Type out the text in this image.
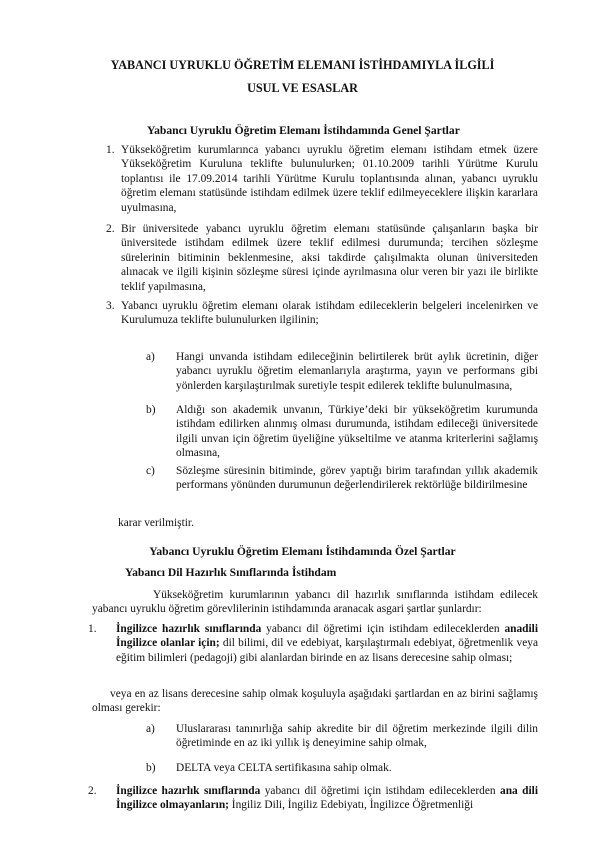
YABANCI UYRUKLU ÖĞRETİM ELEMANI İSTİHDAMIYLA İLGİLİ

USUL VE ESASLAR

Yabancı Uyruklu Öğretim Elemanı İstihdamında Genel Şartlar

1. Yükseköğretim kurumlarınca yabancı uyruklu öğretim elemanı istihdam etmek üzere Yükseköğretim Kuruluna teklifte bulunulurken; 01.10.2009 tarihli Yürütme Kurulu toplantısı ile 17.09.2014 tarihli Yürütme Kurulu toplantısında alınan, yabancı uyruklu öğretim elemanı statüsünde istihdam edilmek üzere teklif edilmeyeceklere ilişkin kararlara uyulmasına,

2. Bir üniversitede yabancı uyruklu öğretim elemanı statüsünde çalışanların başka bir üniversitede istihdam edilmek üzere teklif edilmesi durumunda; tercihen sözleşme sürelerinin bitiminin beklenmesine, aksi takdirde çalışılmakta olunan üniversiteden alınacak ve ilgili kişinin sözleşme süresi içinde ayrılmasına olur veren bir yazı ile birlikte teklif yapılmasına,

3. Yabancı uyruklu öğretim elemanı olarak istihdam edileceklerin belgeleri incelenirken ve Kurulumuza teklifte bulunulurken ilgilinin;

a) Hangi unvanda istihdam edileceğinin belirtilerek brüt aylık ücretinin, diğer yabancı uyruklu öğretim elemanlarıyla araştırma, yayın ve performans gibi yönlerden karşılaştırılmak suretiyle tespit edilerek teklifte bulunulmasına,

b) Aldığı son akademik unvanın, Türkiye’deki bir yükseköğretim kurumunda istihdam edilirken alınmış olması durumunda, istihdam edileceği üniversitede ilgili unvan için öğretim üyeliğine yükseltilme ve atanma kriterlerini sağlamış olmasına,

c) Sözleşme süresinin bitiminde, görev yaptığı birim tarafından yıllık akademik performans yönünden durumunun değerlendirilerek rektörlüğe bildirilmesine

karar verilmiştir.

Yabancı Uyruklu Öğretim Elemanı İstihdamında Özel Şartlar

Yabancı Dil Hazırlık Sınıflarında İstihdam

Yükseköğretim kurumlarının yabancı dil hazırlık sınıflarında istihdam edilecek yabancı uyruklu öğretim görevlilerinin istihdamında aranacak asgari şartlar şunlardır:

1. İngilizce hazırlık sınıflarında yabancı dil öğretimi için istihdam edileceklerden anadili İngilizce olanlar için; dil bilimi, dil ve edebiyat, karşılaştırmalı edebiyat, öğretmenlik veya eğitim bilimleri (pedagoji) gibi alanlardan birinde en az lisans derecesine sahip olması;

veya en az lisans derecesine sahip olmak koşuluyla aşağıdaki şartlardan en az birini sağlamış olması gerekir:

a) Uluslararası tanınırlığa sahip akredite bir dil öğretim merkezinde ilgili dilin öğretiminde en az iki yıllık iş deneyimine sahip olmak,

b) DELTA veya CELTA sertifikasına sahip olmak.

2. İngilizce hazırlık sınıflarında yabancı dil öğretimi için istihdam edileceklerden ana dili İngilizce olmayanların; İngiliz Dili, İngiliz Edebiyatı, İngilizce Öğretmenliği
